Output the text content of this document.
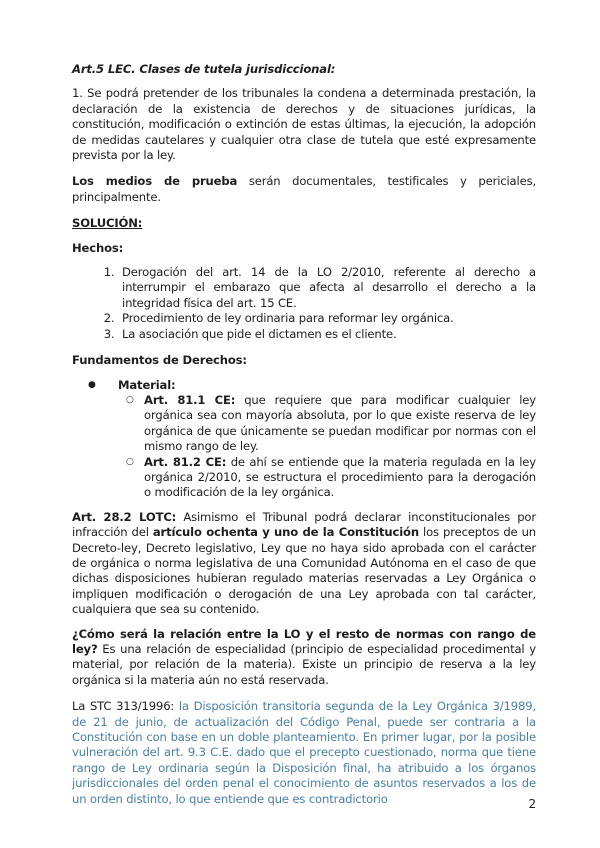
Art.5 LEC. Clases de tutela jurisdiccional:

1. Se podrá pretender de los tribunales la condena a determinada prestación, la declaración de la existencia de derechos y de situaciones jurídicas, la constitución, modificación o extinción de estas últimas, la ejecución, la adopción de medidas cautelares y cualquier otra clase de tutela que esté expresamente prevista por la ley.

Los medios de prueba serán documentales, testificales y periciales, principalmente.

SOLUCIÓN:

Hechos:

1. Derogación del art. 14 de la LO 2/2010, referente al derecho a interrumpir el embarazo que afecta al desarrollo el derecho a la integridad física del art. 15 CE.
2. Procedimiento de ley ordinaria para reformar ley orgánica.
3. La asociación que pide el dictamen es el cliente.

Fundamentos de Derechos:

● Material:
○ Art. 81.1 CE: que requiere que para modificar cualquier ley orgánica sea con mayoría absoluta, por lo que existe reserva de ley orgánica de que únicamente se puedan modificar por normas con el mismo rango de ley.
○ Art. 81.2 CE: de ahí se entiende que la materia regulada en la ley orgánica 2/2010, se estructura el procedimiento para la derogación o modificación de la ley orgánica.

Art. 28.2 LOTC: Asimismo el Tribunal podrá declarar inconstitucionales por infracción del artículo ochenta y uno de la Constitución los preceptos de un Decreto-ley, Decreto legislativo, Ley que no haya sido aprobada con el carácter de orgánica o norma legislativa de una Comunidad Autónoma en el caso de que dichas disposiciones hubieran regulado materias reservadas a Ley Orgánica o impliquen modificación o derogación de una Ley aprobada con tal carácter, cualquiera que sea su contenido.

¿Cómo será la relación entre la LO y el resto de normas con rango de ley? Es una relación de especialidad (principio de especialidad procedimental y material, por relación de la materia). Existe un principio de reserva a la ley orgánica si la materia aún no está reservada.

La STC 313/1996: la Disposición transitoria segunda de la Ley Orgánica 3/1989, de 21 de junio, de actualización del Código Penal, puede ser contraria a la Constitución con base en un doble planteamiento. En primer lugar, por la posible vulneración del art. 9.3 C.E. dado que el precepto cuestionado, norma que tiene rango de Ley ordinaria según la Disposición final, ha atribuido a los órganos jurisdiccionales del orden penal el conocimiento de asuntos reservados a los de un orden distinto, lo que entiende que es contradictorio	2
